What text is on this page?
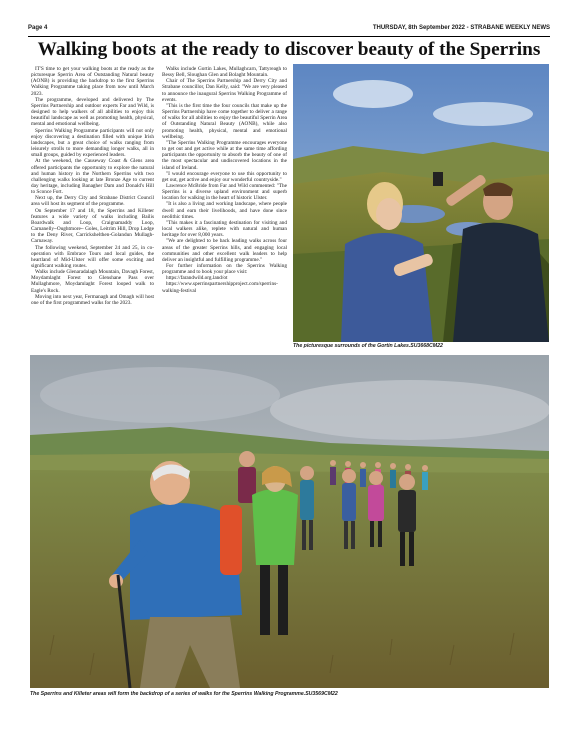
Page 4	THURSDAY, 8th September 2022 - STRABANE WEEKLY NEWS
Walking boots at the ready to discover beauty of the Sperrins

IT'S time to get your walking boots at the ready as the picturesque Sperrin Area of Outstanding Natural beauty (AONB) is providing the backdrop to the first Sperrins Walking Programme taking place from now until March 2023.

The programme, developed and delivered by The Sperrins Partnership and outdoor experts Far and Wild, is designed to help walkers of all abilities to enjoy this beautiful landscape as well as promoting health, physical, mental and emotional wellbeing.

Sperrins Walking Programme participants will not only enjoy discovering a destination filled with unique Irish landscapes, but a great choice of walks ranging from leisurely strolls to more demanding longer walks, all in small groups, guided by experienced leaders.

At the weekend, the Causeway Coast & Glens area offered participants the opportunity to explore the natural and human history in the Northern Sperrins with two challenging walks looking at late Bronze Age to current day heritage, including Banagher Dam and Donald's Hill to Sconce Fort.

Next up, the Derry City and Strabane District Council area will host its segment of the programme.

On September 17 and 18, the Sperrins and Killeter features a wide variety of walks including Bailis Boardwalk and Loop, Craignamaddy Loop, Carnanelly~Oughtmore~ Goles, Leitrim Hill, Drop Lodge to the Deny River, Carrickshelthen-Golandun Mullagh-Carnaway.

The following weekend, September 24 and 25, in co-operation with Embrace Tours and local guides, the heartland of Mid-Ulster will offer some exciting and significant walking routes.

Walks include Glenaradalagh Mountain, Davagh Forest, Moydamlaght Forest to Glenshane Pass over Mullaghmore, Moydamlaght Forest looped walk to Eagle's Rock.

Moving into next year, Fermanagh and Omagh will host one of the first programmed walks for the 2023.

Walks include Gortin Lakes, Mullaghcarn, Tattyreagh to Bessy Bell, Sloughan Glen and Bolaght Mountain.

Chair of The Sperrins Partnership and Derry City and Strabane councillor, Dan Kelly, said: "We are very pleased to announce the inaugural Sperrins Walking Programme of events.

"This is the first time the four councils that make up the Sperrins Partnership have come together to deliver a range of walks for all abilities to enjoy the beautiful Sperrin Area of Outstanding Natural Beauty (AONB), while also promoting health, physical, mental and emotional wellbeing.

"The Sperrins Walking Programme encourages everyone to get out and get active while at the same time affording participants the opportunity to absorb the beauty of one of the most spectacular and undiscovered locations in the island of Ireland.

"I would encourage everyone to use this opportunity to get out, get active and enjoy our wonderful countryside."

Lawrence McBride from Far and Wild commented: "The Sperrins is a diverse upland environment and superb location for walking in the heart of historic Ulster.

"It is also a living and working landscape, where people dwell and earn their livelihoods, and have done since neolithic times.

"This makes it a fascinating destination for visiting and local walkers alike, replete with natural and human heritage for over 8,000 years.

"We are delighted to be back leading walks across four areas of the greater Sperrins hills, and engaging local communities and other excellent walk leaders to help deliver an insightful and fulfilling programme."

For further information on the Sperrins Walking programme and to book your place visit:

https://farandwild.org.land/ot

https://www.sperrinspartnershipproject.com/sperrins-walking-festival

The picturesque surrounds of the Gortin Lakes.SU3668CM22
The Sperrins and Killeter areas will form the backdrop of a series of walks for the Sperrins Walking Programme.SU3569CM22
